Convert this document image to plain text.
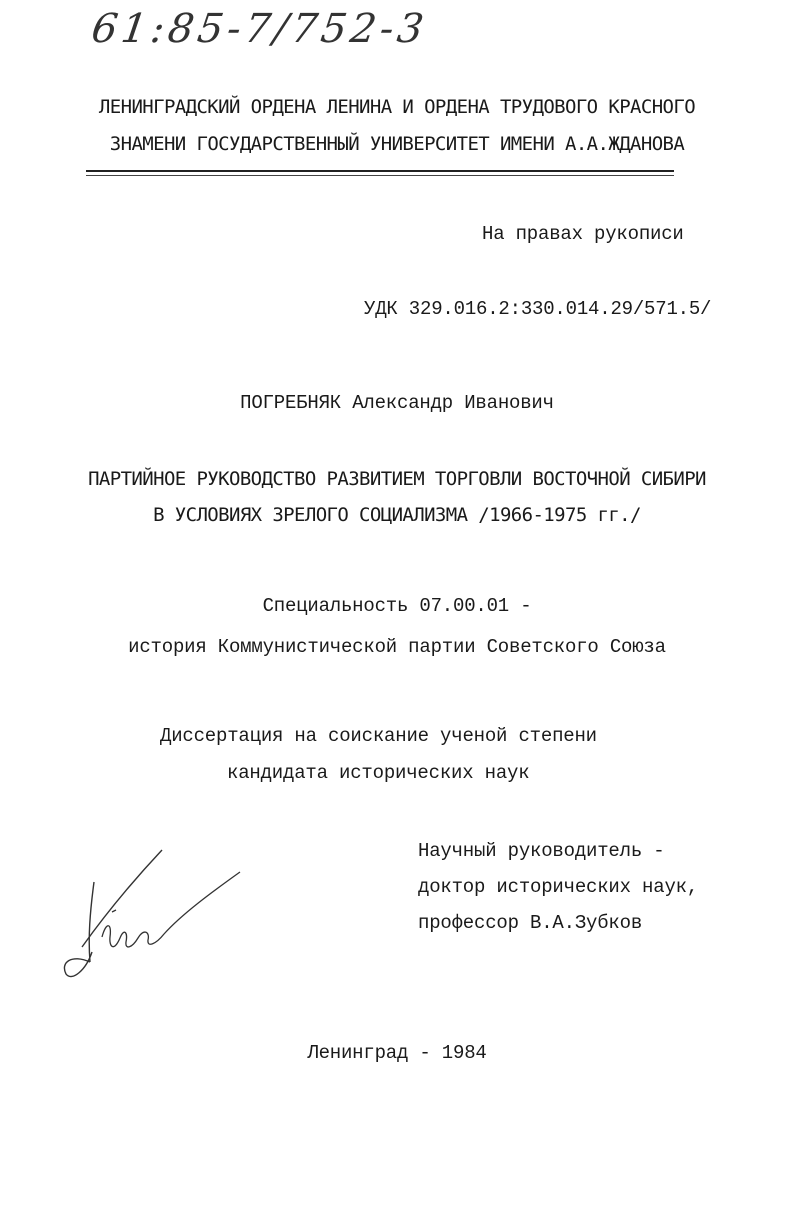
61:85-7/752-3
ЛЕНИНГРАДСКИЙ ОРДЕНА ЛЕНИНА И ОРДЕНА ТРУДОВОГО КРАСНОГО
ЗНАМЕНИ ГОСУДАРСТВЕННЫЙ УНИВЕРСИТЕТ ИМЕНИ А.А.ЖДАНОВА
На правах рукописи
УДК 329.016.2:330.014.29/571.5/
ПОГРЕБНЯК Александр Иванович
ПАРТИЙНОЕ РУКОВОДСТВО РАЗВИТИЕМ ТОРГОВЛИ ВОСТОЧНОЙ СИБИРИ
В УСЛОВИЯХ ЗРЕЛОГО СОЦИАЛИЗМА /1966-1975 гг./
Специальность 07.00.01 -
история Коммунистической партии Советского Союза
Диссертация на соискание ученой степени
кандидата исторических наук
Научный руководитель -
доктор исторических наук,
профессор В.А.Зубков
Ленинград - 1984
